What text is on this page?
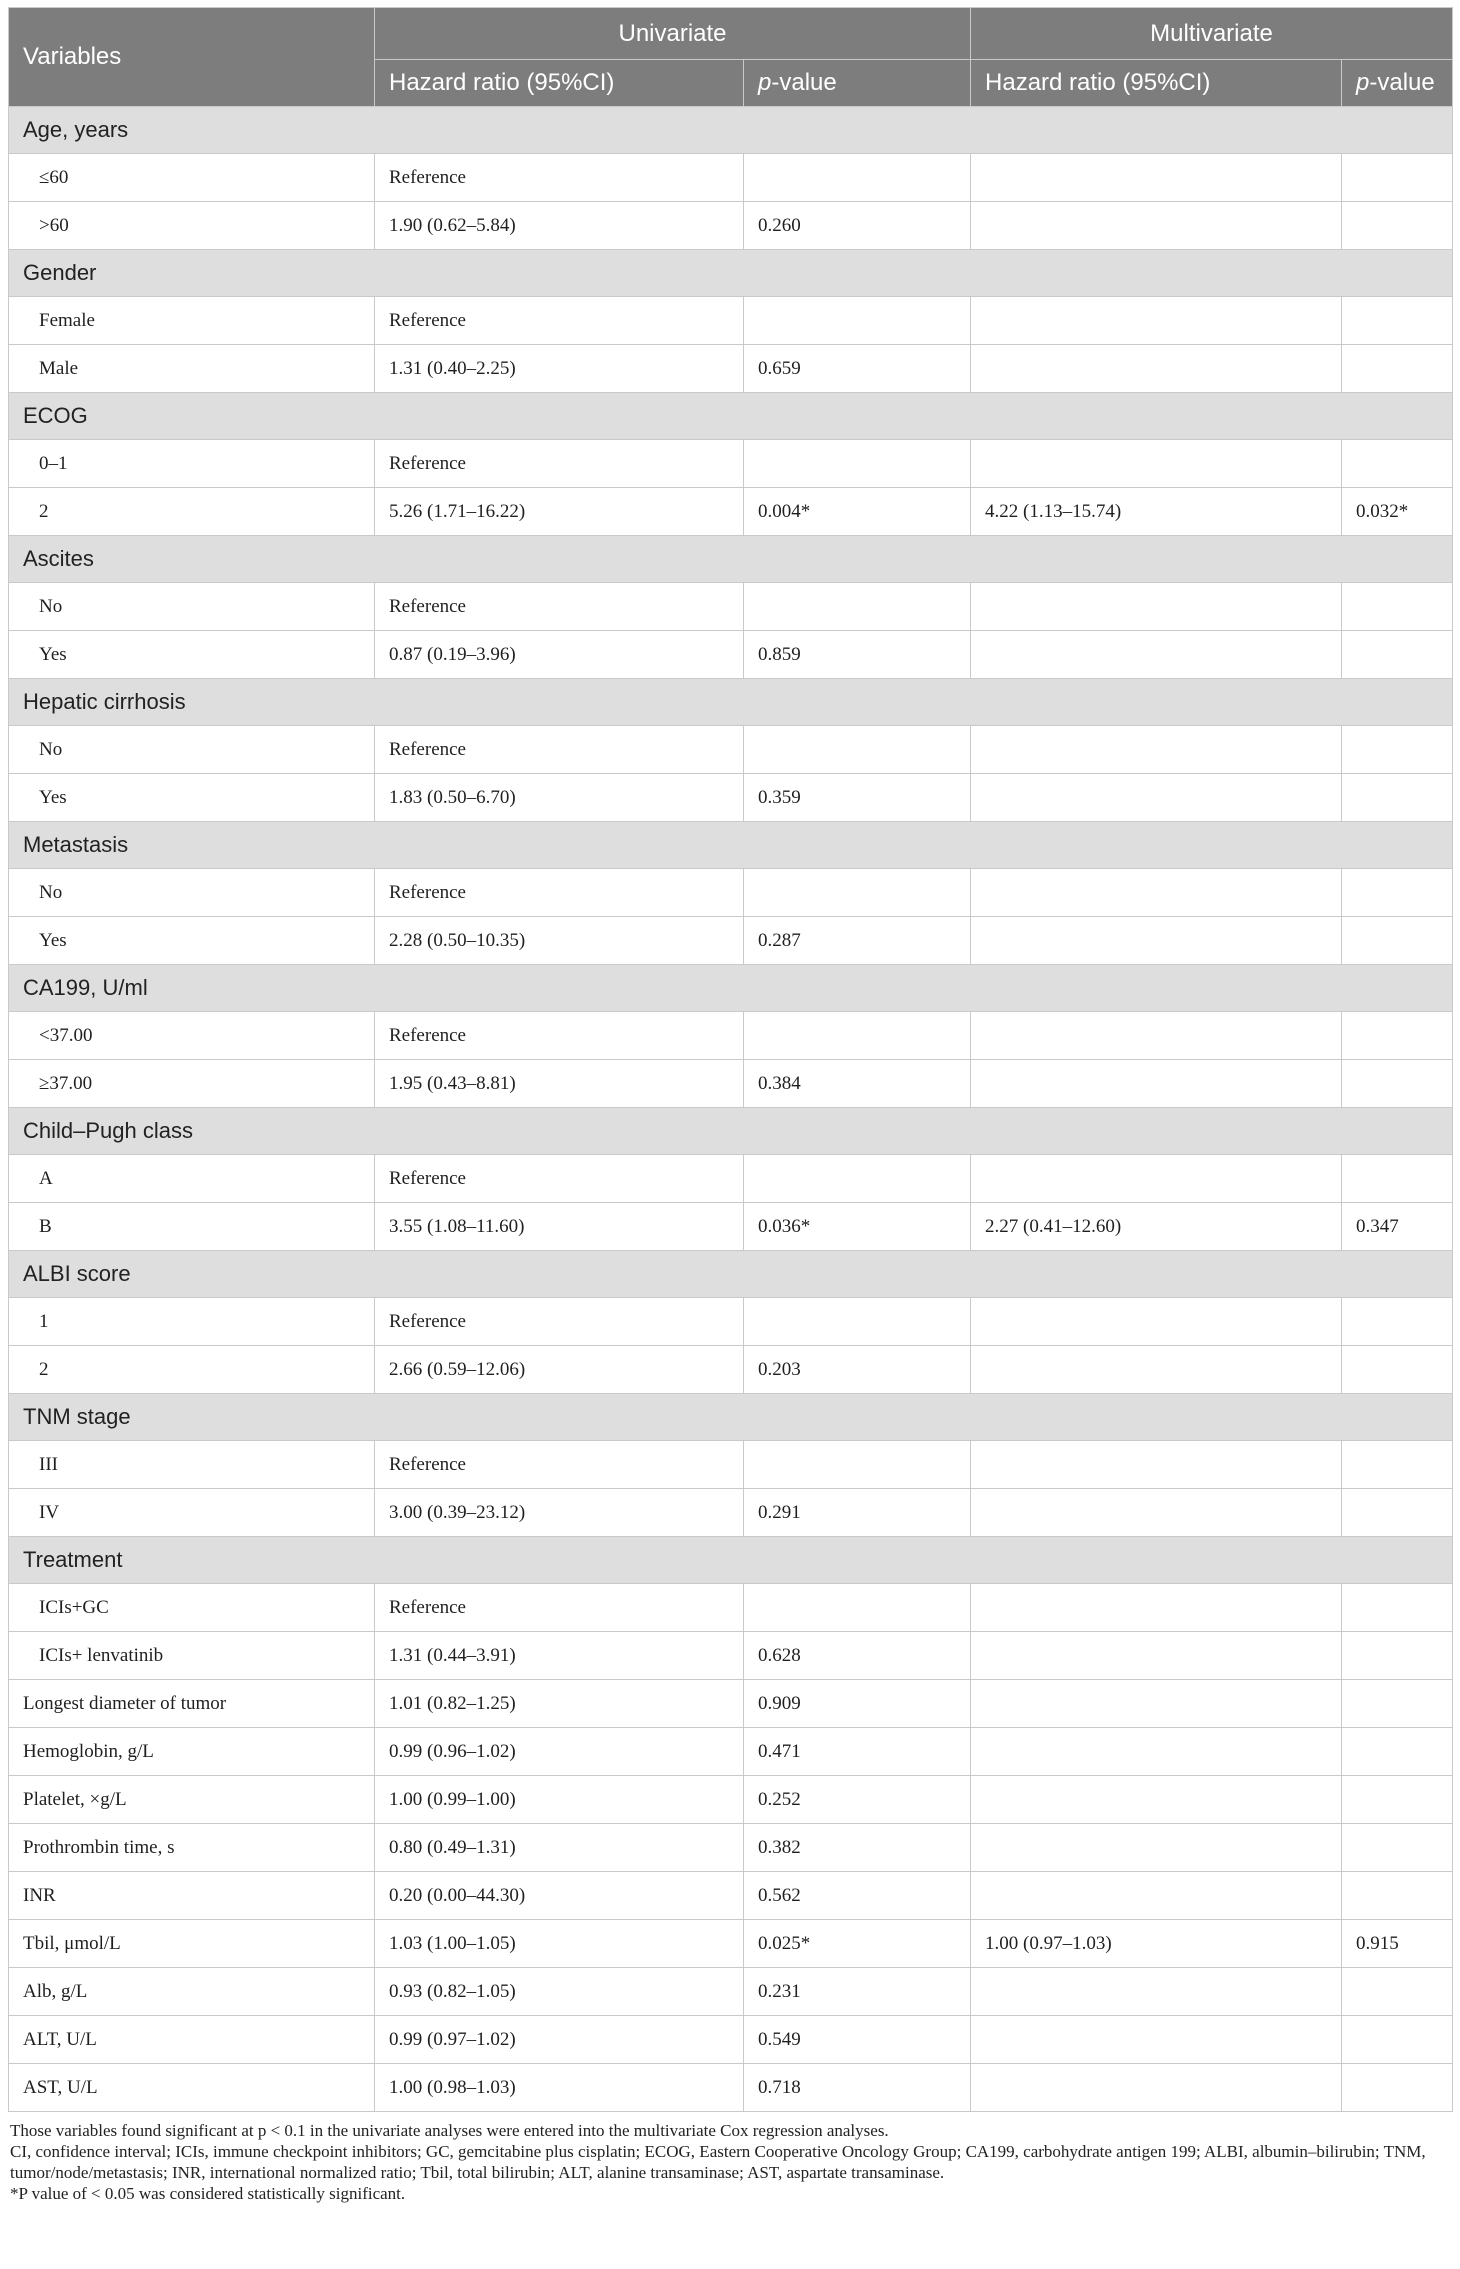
Variables	Univariate		Multivariate	
	Hazard ratio (95%CI)	p-value	Hazard ratio (95%CI)	p-value
Age, years				
≤60	Reference			
>60	1.90 (0.62–5.84)	0.260		
Gender				
Female	Reference			
Male	1.31 (0.40–2.25)	0.659		
ECOG				
0–1	Reference			
2	5.26 (1.71–16.22)	0.004*	4.22 (1.13–15.74)	0.032*
Ascites				
No	Reference			
Yes	0.87 (0.19–3.96)	0.859		
Hepatic cirrhosis				
No	Reference			
Yes	1.83 (0.50–6.70)	0.359		
Metastasis				
No	Reference			
Yes	2.28 (0.50–10.35)	0.287		
CA199, U/ml				
<37.00	Reference			
≥37.00	1.95 (0.43–8.81)	0.384		
Child–Pugh class				
A	Reference			
B	3.55 (1.08–11.60)	0.036*	2.27 (0.41–12.60)	0.347
ALBI score				
1	Reference			
2	2.66 (0.59–12.06)	0.203		
TNM stage				
III	Reference			
IV	3.00 (0.39–23.12)	0.291		
Treatment				
ICIs+GC	Reference			
ICIs+ lenvatinib	1.31 (0.44–3.91)	0.628		
Longest diameter of tumor	1.01 (0.82–1.25)	0.909		
Hemoglobin, g/L	0.99 (0.96–1.02)	0.471		
Platelet, ×g/L	1.00 (0.99–1.00)	0.252		
Prothrombin time, s	0.80 (0.49–1.31)	0.382		
INR	0.20 (0.00–44.30)	0.562		
Tbil, μmol/L	1.03 (1.00–1.05)	0.025*	1.00 (0.97–1.03)	0.915
Alb, g/L	0.93 (0.82–1.05)	0.231		
ALT, U/L	0.99 (0.97–1.02)	0.549		
AST, U/L	1.00 (0.98–1.03)	0.718		

Those variables found significant at p < 0.1 in the univariate analyses were entered into the multivariate Cox regression analyses.

CI, confidence interval; ICIs, immune checkpoint inhibitors; GC, gemcitabine plus cisplatin; ECOG, Eastern Cooperative Oncology Group; CA199, carbohydrate antigen 199; ALBI, albumin–bilirubin; TNM, tumor/node/metastasis; INR, international normalized ratio; Tbil, total bilirubin; ALT, alanine transaminase; AST, aspartate transaminase.

*P value of < 0.05 was considered statistically significant.
